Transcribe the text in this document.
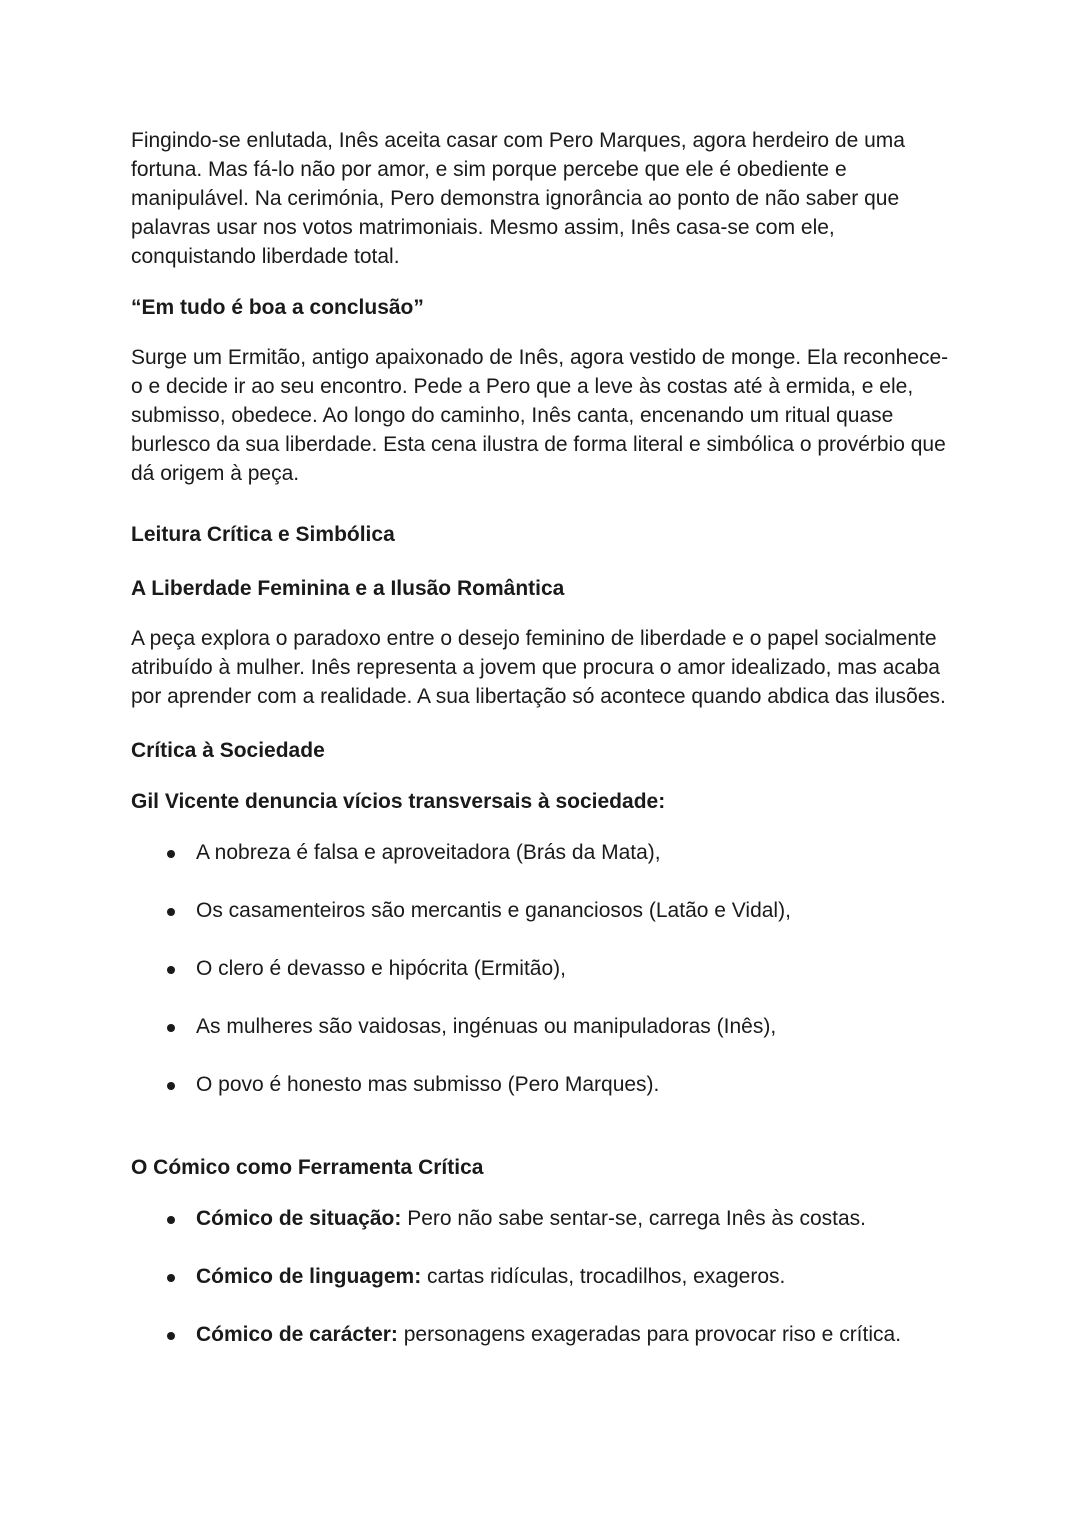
Fingindo-se enlutada, Inês aceita casar com Pero Marques, agora herdeiro de uma fortuna. Mas fá-lo não por amor, e sim porque percebe que ele é obediente e manipulável. Na cerimónia, Pero demonstra ignorância ao ponto de não saber que palavras usar nos votos matrimoniais. Mesmo assim, Inês casa-se com ele, conquistando liberdade total.

“Em tudo é boa a conclusão”

Surge um Ermitão, antigo apaixonado de Inês, agora vestido de monge. Ela reconhece-o e decide ir ao seu encontro. Pede a Pero que a leve às costas até à ermida, e ele, submisso, obedece. Ao longo do caminho, Inês canta, encenando um ritual quase burlesco da sua liberdade. Esta cena ilustra de forma literal e simbólica o provérbio que dá origem à peça.

Leitura Crítica e Simbólica
A Liberdade Feminina e a Ilusão Romântica

A peça explora o paradoxo entre o desejo feminino de liberdade e o papel socialmente atribuído à mulher. Inês representa a jovem que procura o amor idealizado, mas acaba por aprender com a realidade. A sua libertação só acontece quando abdica das ilusões.

Crítica à Sociedade

Gil Vicente denuncia vícios transversais à sociedade:

A nobreza é falsa e aproveitadora (Brás da Mata),
Os casamenteiros são mercantis e gananciosos (Latão e Vidal),
O clero é devasso e hipócrita (Ermitão),
As mulheres são vaidosas, ingénuas ou manipuladoras (Inês),
O povo é honesto mas submisso (Pero Marques).
O Cómico como Ferramenta Crítica
Cómico de situação: Pero não sabe sentar-se, carrega Inês às costas.
Cómico de linguagem: cartas ridículas, trocadilhos, exageros.
Cómico de carácter: personagens exageradas para provocar riso e crítica.
